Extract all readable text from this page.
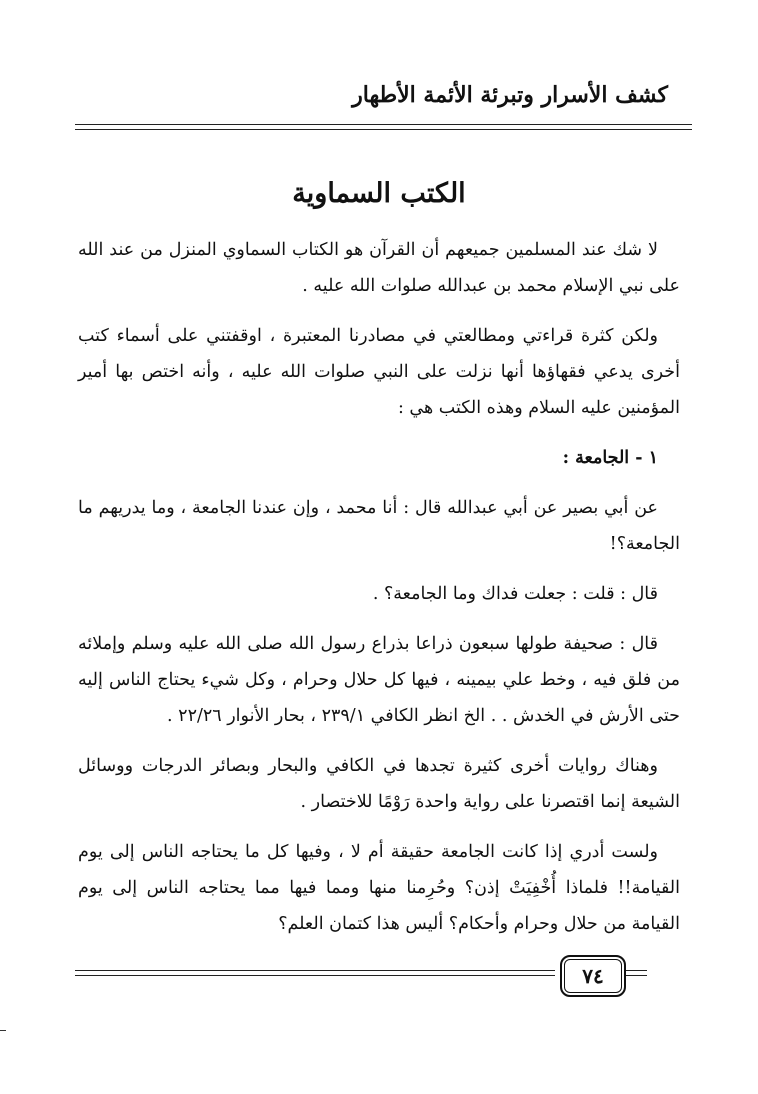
كشف الأسرار وتبرئة الأئمة الأطهار
الكتب السماوية

لا شك عند المسلمين جميعهم أن القرآن هو الكتاب السماوي المنزل من عند الله على نبي الإسلام محمد بن عبدالله صلوات الله عليه .

ولكن كثرة قراءتي ومطالعتي في مصادرنا المعتبرة ، اوقفتني على أسماء كتب أخرى يدعي فقهاؤها أنها نزلت على النبي صلوات الله عليه ، وأنه اختص بها أمير المؤمنين عليه السلام وهذه الكتب هي :

١ - الجامعة :

عن أبي بصير عن أبي عبدالله قال : أنا محمد ، وإن عندنا الجامعة ، وما يدريهم ما الجامعة؟!

قال : قلت : جعلت فداك وما الجامعة؟ .

قال : صحيفة طولها سبعون ذراعا بذراع رسول الله صلى الله عليه وسلم وإملائه من فلق فيه ، وخط علي بيمينه ، فيها كل حلال وحرام ، وكل شيء يحتاج الناس إليه حتى الأرش في الخدش . . الخ انظر الكافي ٢٣٩/١ ، بحار الأنوار ٢٢/٢٦ .

وهناك روايات أخرى كثيرة تجدها في الكافي والبحار وبصائر الدرجات ووسائل الشيعة إنما اقتصرنا على رواية واحدة رَوْمًا للاختصار .

ولست أدري إذا كانت الجامعة حقيقة أم لا ، وفيها كل ما يحتاجه الناس إلى يوم القيامة!! فلماذا أُخْفِيَتْ إذن؟ وحُرِمنا منها ومما فيها مما يحتاجه الناس إلى يوم القيامة من حلال وحرام وأحكام؟ أليس هذا كتمان العلم؟

٧٤
